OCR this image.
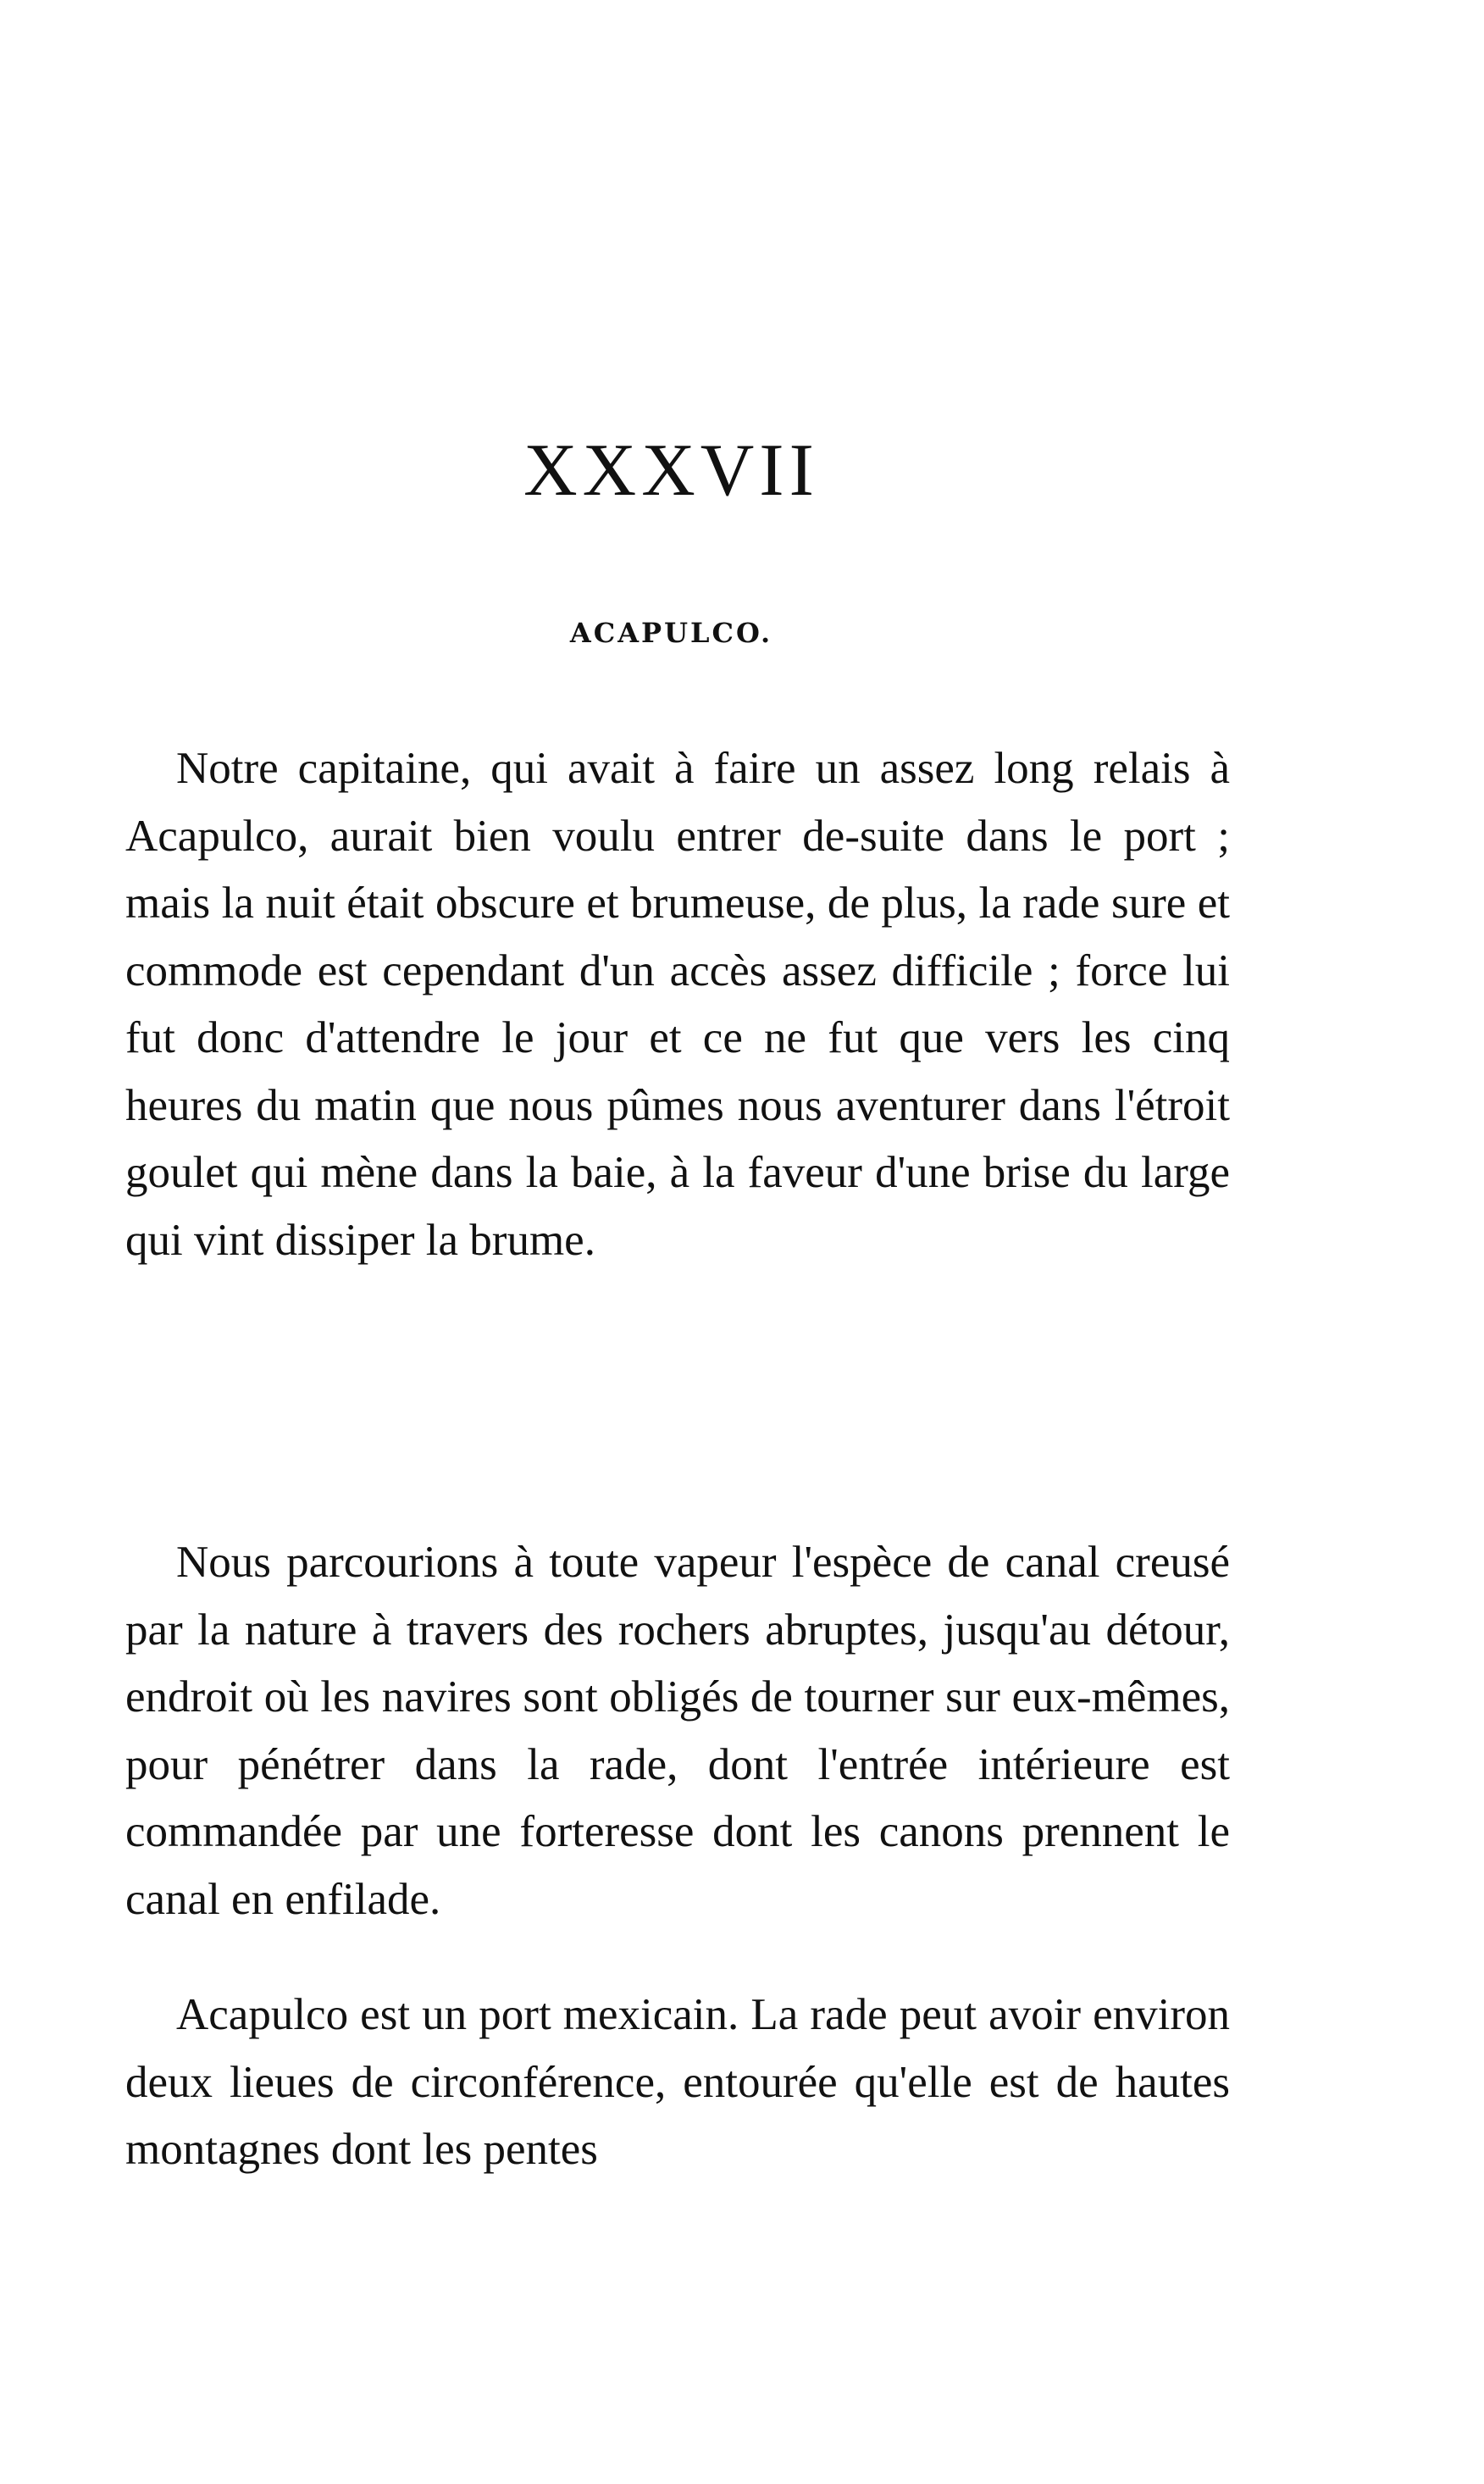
XXXVII
ACAPULCO.

Notre capitaine, qui avait à faire un assez long relais à Acapulco, aurait bien voulu entrer de-suite dans le port ; mais la nuit était obscure et brumeuse, de plus, la rade sure et commode est cependant d'un accès assez difficile ; force lui fut donc d'attendre le jour et ce ne fut que vers les cinq heures du matin que nous pûmes nous aventurer dans l'étroit goulet qui mène dans la baie, à la faveur d'une brise du large qui vint dissiper la brume.

Nous parcourions à toute vapeur l'espèce de canal creusé par la nature à travers des rochers abruptes, jusqu'au détour, endroit où les navires sont obligés de tourner sur eux-mêmes, pour pénétrer dans la rade, dont l'entrée intérieure est commandée par une forteresse dont les canons prennent le canal en enfilade.

Acapulco est un port mexicain. La rade peut avoir environ deux lieues de circonférence, entourée qu'elle est de hautes montagnes dont les pentes
